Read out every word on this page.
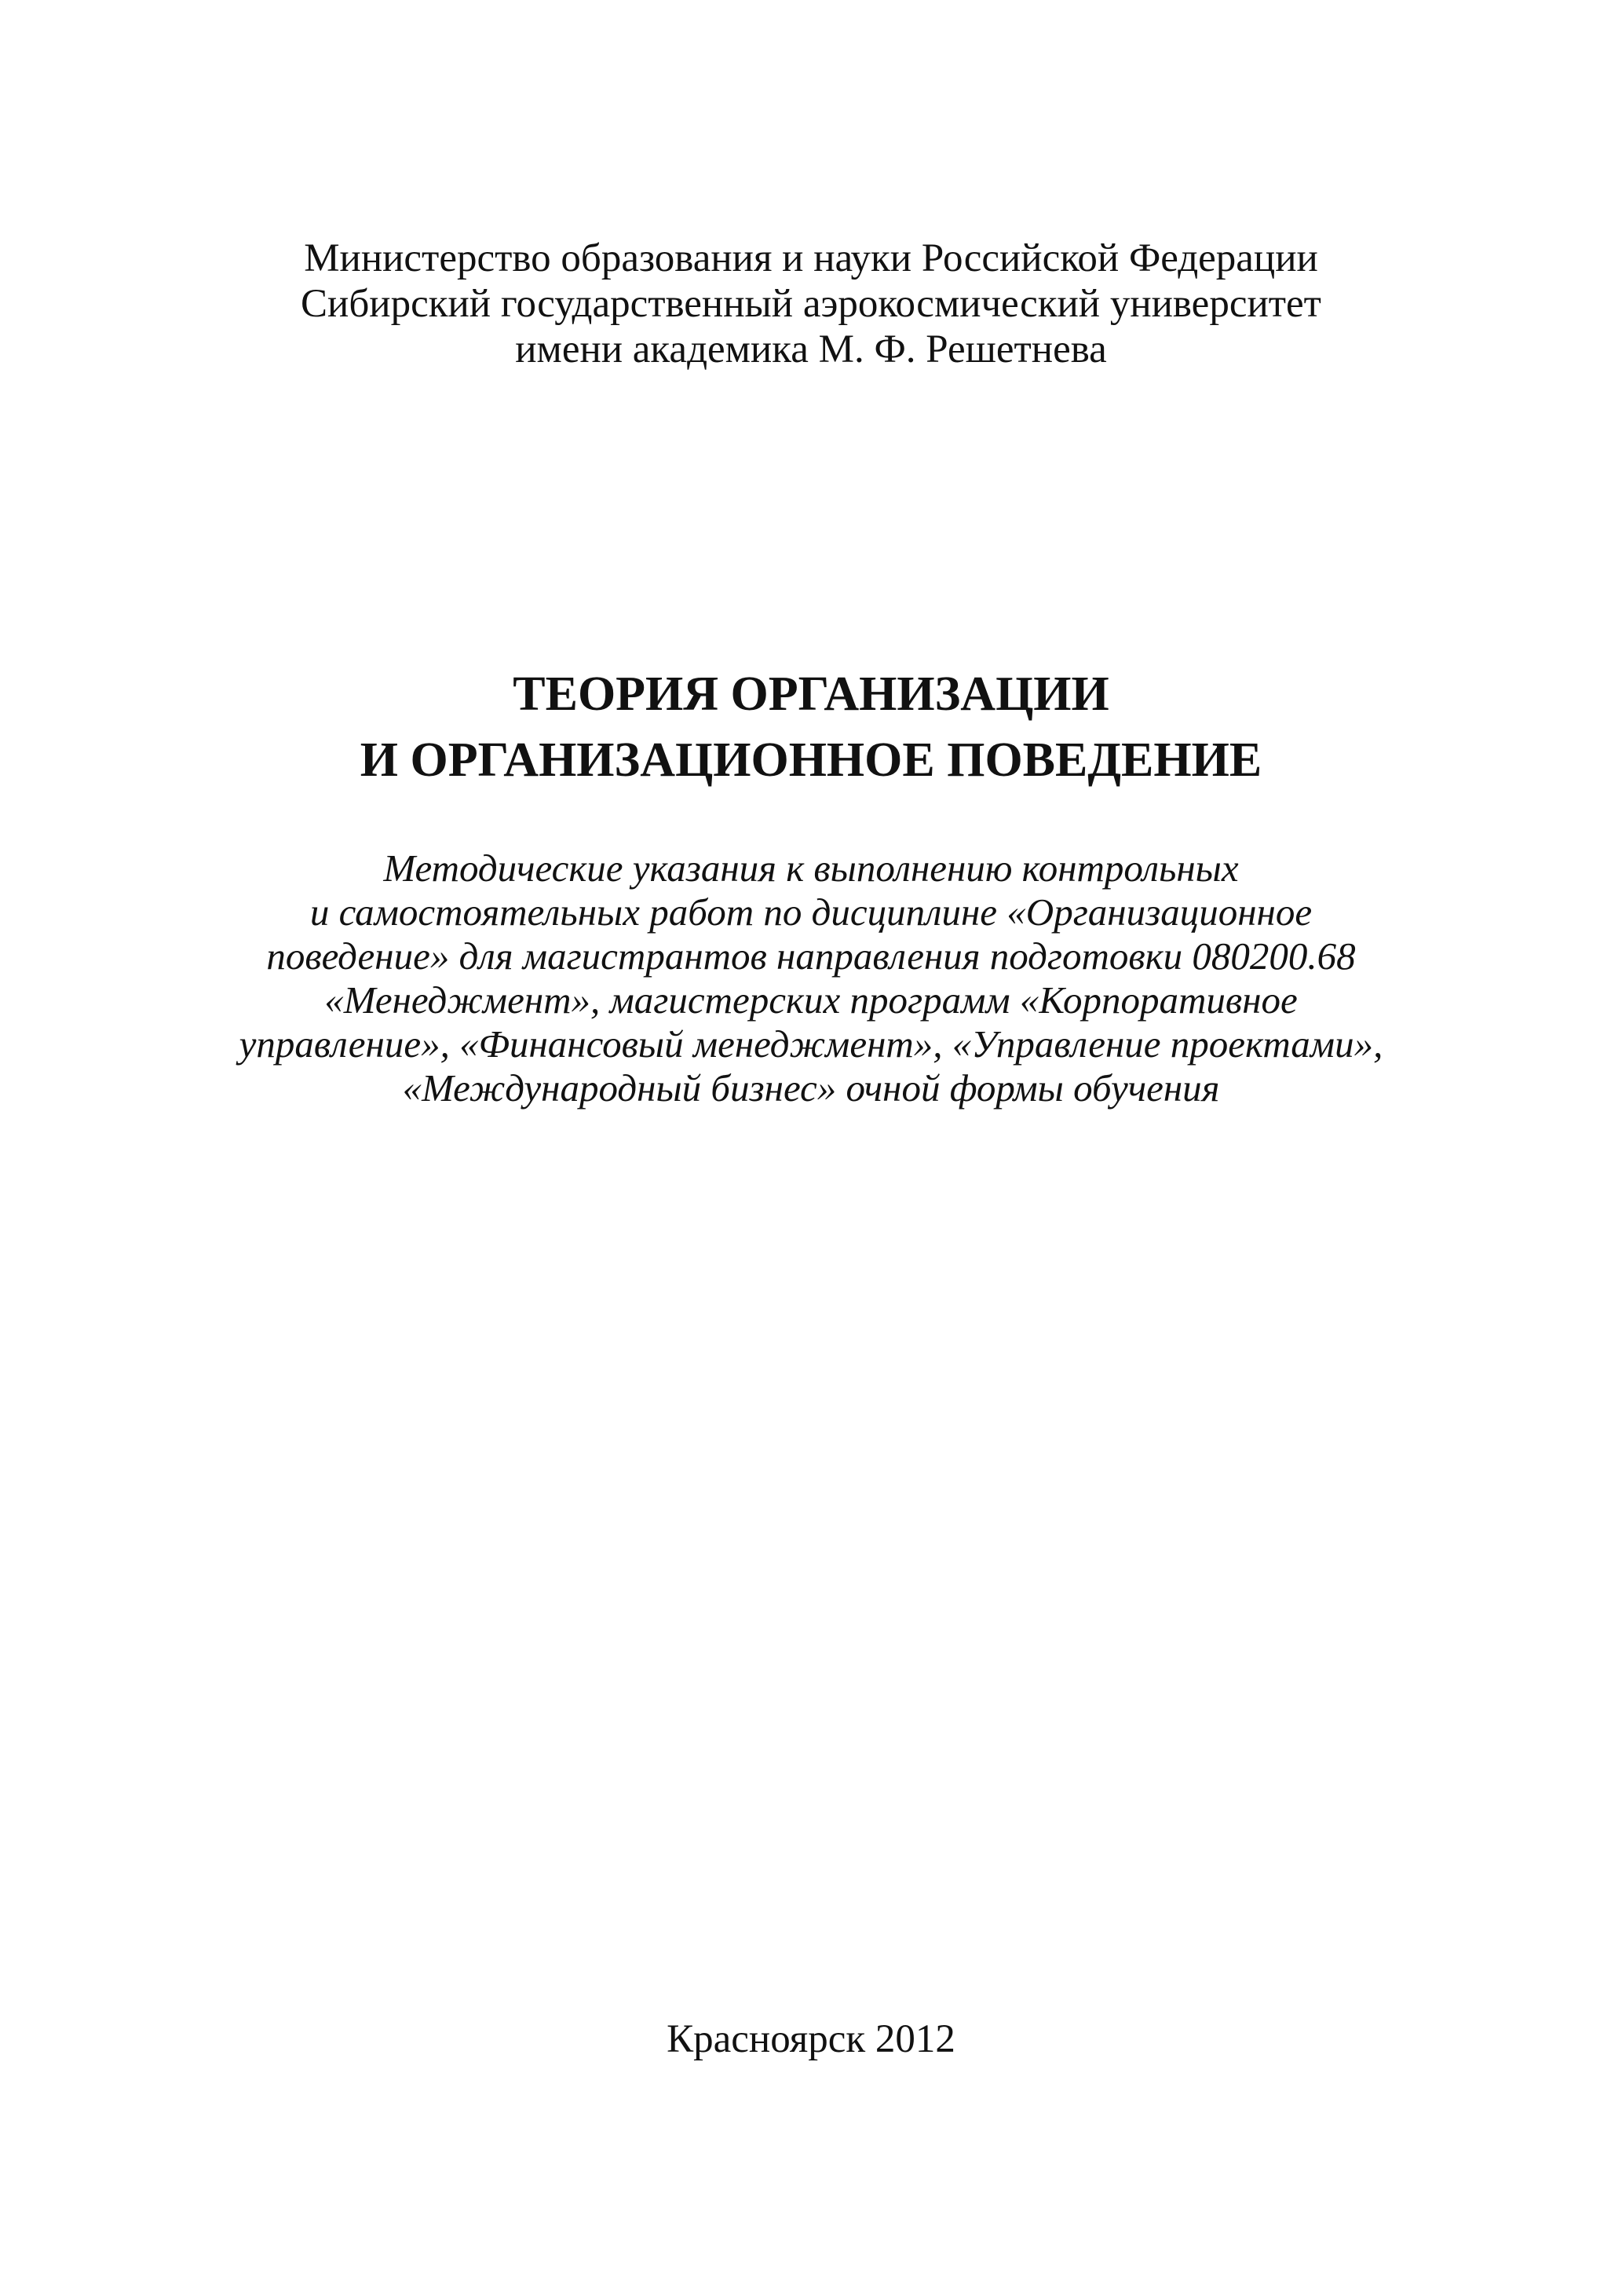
Министерство образования и науки Российской Федерации
Сибирский государственный аэрокосмический университет
имени академика М. Ф. Решетнева
ТЕОРИЯ ОРГАНИЗАЦИИ
И ОРГАНИЗАЦИОННОЕ ПОВЕДЕНИЕ
Методические указания к выполнению контрольных
и самостоятельных работ по дисциплине «Организационное
поведение» для магистрантов направления подготовки 080200.68
«Менеджмент», магистерских программ «Корпоративное
управление», «Финансовый менеджмент», «Управление проектами»,
«Международный бизнес» очной формы обучения
Красноярск 2012
